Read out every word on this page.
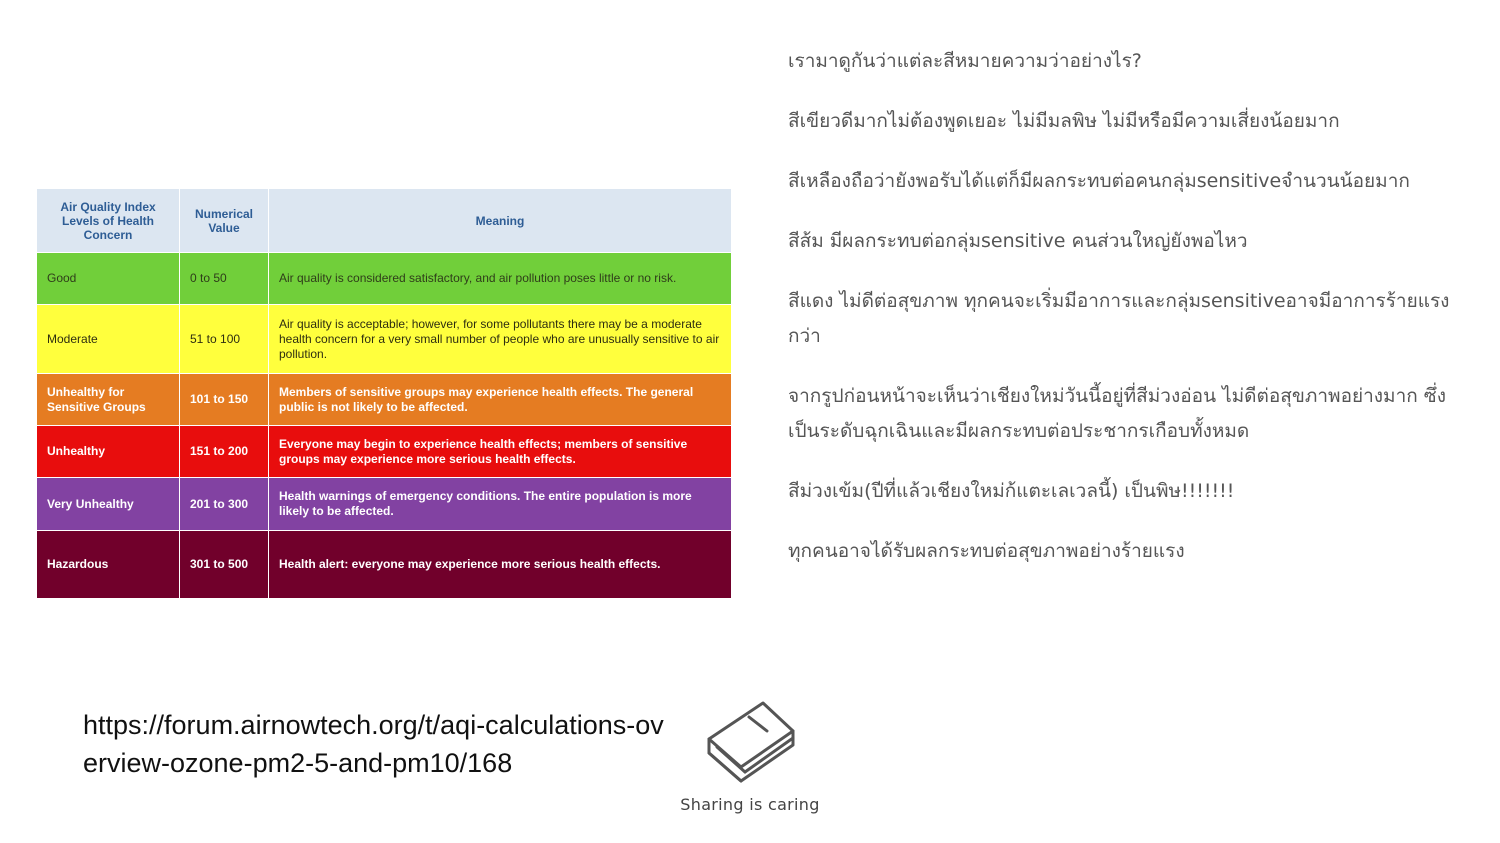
Air Quality Index Levels of Health Concern	Numerical Value	Meaning
Good	0 to 50	Air quality is considered satisfactory, and air pollution poses little or no risk.
Moderate	51 to 100	Air quality is acceptable; however, for some pollutants there may be a moderate health concern for a very small number of people who are unusually sensitive to air pollution.
Unhealthy for Sensitive Groups	101 to 150	Members of sensitive groups may experience health effects. The general public is not likely to be affected.
Unhealthy	151 to 200	Everyone may begin to experience health effects; members of sensitive groups may experience more serious health effects.
Very Unhealthy	201 to 300	Health warnings of emergency conditions. The entire population is more likely to be affected.
Hazardous	301 to 500	Health alert: everyone may experience more serious health effects.

เรามาดูกันว่าแต่ละสีหมายความว่าอย่างไร?

สีเขียวดีมากไม่ต้องพูดเยอะ ไม่มีมลพิษ ไม่มีหรือมีความเสี่ยงน้อยมาก

สีเหลืองถือว่ายังพอรับได้แต่ก็มีผลกระทบต่อคนกลุ่มsensitiveจำนวนน้อยมาก

สีส้ม มีผลกระทบต่อกลุ่มsensitive คนส่วนใหญ่ยังพอไหว

สีแดง ไม่ดีต่อสุขภาพ ทุกคนจะเริ่มมีอาการและกลุ่มsensitiveอาจมีอาการร้ายแรงกว่า

จากรูปก่อนหน้าจะเห็นว่าเชียงใหม่วันนี้อยู่ที่สีม่วงอ่อน ไม่ดีต่อสุขภาพอย่างมาก ซึ่งเป็นระดับฉุกเฉินและมีผลกระทบต่อประชากรเกือบทั้งหมด

สีม่วงเข้ม(ปีที่แล้วเชียงใหม่ก้แตะเลเวลนี้) เป็นพิษ!!!!!!!

ทุกคนอาจได้รับผลกระทบต่อสุขภาพอย่างร้ายแรง

https://forum.airnowtech.org/t/aqi-calculations-overview-ozone-pm2-5-and-pm10/168
Sharing is caring
